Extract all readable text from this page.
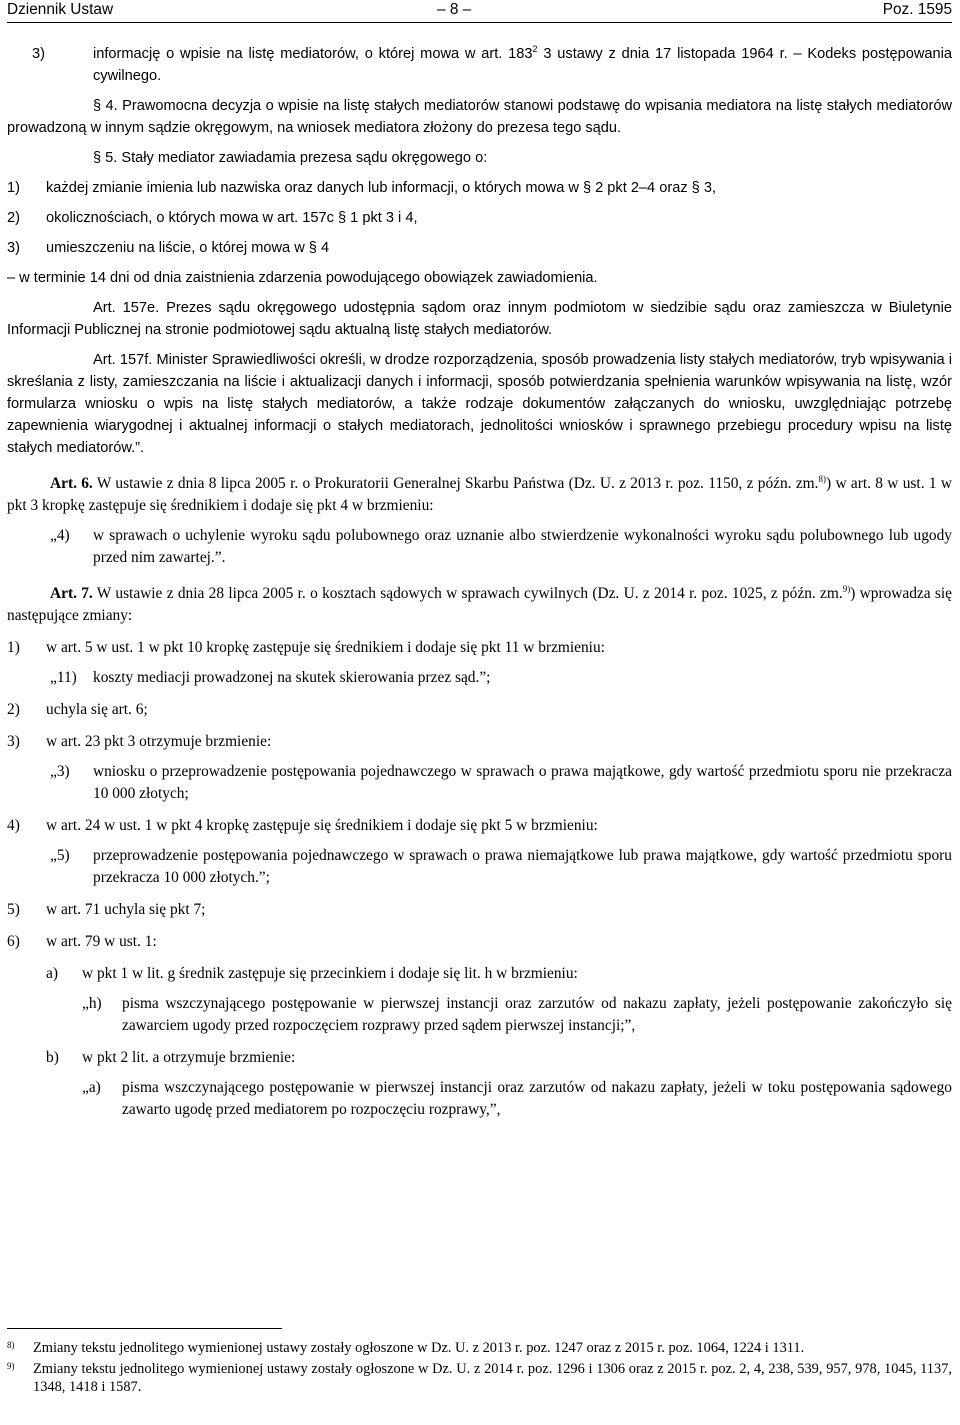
Dziennik Ustaw	– 8 –	Poz. 1595
3)	informację o wpisie na listę mediatorów, o której mowa w art. $183^2$ 3 ustawy z dnia 17 listopada 1964 r. – Kodeks postępowania cywilnego.

§ 4. Prawomocna decyzja o wpisie na listę stałych mediatorów stanowi podstawę do wpisania mediatora na listę stałych mediatorów prowadzoną w innym sądzie okręgowym, na wniosek mediatora złożony do prezesa tego sądu.

§ 5. Stały mediator zawiadamia prezesa sądu okręgowego o:

1)	każdej zmianie imienia lub nazwiska oraz danych lub informacji, o których mowa w § 2 pkt 2–4 oraz § 3,
2)	okolicznościach, o których mowa w art. 157c § 1 pkt 3 i 4,
3)	umieszczeniu na liście, o której mowa w § 4

– w terminie 14 dni od dnia zaistnienia zdarzenia powodującego obowiązek zawiadomienia.

Art. 157e. Prezes sądu okręgowego udostępnia sądom oraz innym podmiotom w siedzibie sądu oraz zamieszcza w Biuletynie Informacji Publicznej na stronie podmiotowej sądu aktualną listę stałych mediatorów.

Art. 157f. Minister Sprawiedliwości określi, w drodze rozporządzenia, sposób prowadzenia listy stałych mediatorów, tryb wpisywania i skreślania z listy, zamieszczania na liście i aktualizacji danych i informacji, sposób potwierdzania spełnienia warunków wpisywania na listę, wzór formularza wniosku o wpis na listę stałych mediatorów, a także rodzaje dokumentów załączanych do wniosku, uwzględniając potrzebę zapewnienia wiarygodnej i aktualnej informacji o stałych mediatorach, jednolitości wniosków i sprawnego przebiegu procedury wpisu na listę stałych mediatorów.”.

Art. 6. W ustawie z dnia 8 lipca 2005 r. o Prokuratorii Generalnej Skarbu Państwa (Dz. U. z 2013 r. poz. 1150, z późn. zm.$^{8)}$) w art. 8 w ust. 1 w pkt 3 kropkę zastępuje się średnikiem i dodaje się pkt 4 w brzmieniu:

„4)	w sprawach o uchylenie wyroku sądu polubownego oraz uznanie albo stwierdzenie wykonalności wyroku sądu polubownego lub ugody przed nim zawartej.”.

Art. 7. W ustawie z dnia 28 lipca 2005 r. o kosztach sądowych w sprawach cywilnych (Dz. U. z 2014 r. poz. 1025, z późn. zm.$^{9)}$) wprowadza się następujące zmiany:

1)	w art. 5 w ust. 1 w pkt 10 kropkę zastępuje się średnikiem i dodaje się pkt 11 w brzmieniu:
„11)	koszty mediacji prowadzonej na skutek skierowania przez sąd.”;
2)	uchyla się art. 6;
3)	w art. 23 pkt 3 otrzymuje brzmienie:
„3)	wniosku o przeprowadzenie postępowania pojednawczego w sprawach o prawa majątkowe, gdy wartość przedmiotu sporu nie przekracza 10 000 złotych;
4)	w art. 24 w ust. 1 w pkt 4 kropkę zastępuje się średnikiem i dodaje się pkt 5 w brzmieniu:
„5)	przeprowadzenie postępowania pojednawczego w sprawach o prawa niemajątkowe lub prawa majątkowe, gdy wartość przedmiotu sporu przekracza 10 000 złotych.”;
5)	w art. 71 uchyla się pkt 7;
6)	w art. 79 w ust. 1:
a)	w pkt 1 w lit. g średnik zastępuje się przecinkiem i dodaje się lit. h w brzmieniu:
„h)	pisma wszczynającego postępowanie w pierwszej instancji oraz zarzutów od nakazu zapłaty, jeżeli postępowanie zakończyło się zawarciem ugody przed rozpoczęciem rozprawy przed sądem pierwszej instancji;”,
b)	w pkt 2 lit. a otrzymuje brzmienie:
„a)	pisma wszczynającego postępowanie w pierwszej instancji oraz zarzutów od nakazu zapłaty, jeżeli w toku postępowania sądowego zawarto ugodę przed mediatorem po rozpoczęciu rozprawy,”,
8)	Zmiany tekstu jednolitego wymienionej ustawy zostały ogłoszone w Dz. U. z 2013 r. poz. 1247 oraz z 2015 r. poz. 1064, 1224 i 1311.
9)	Zmiany tekstu jednolitego wymienionej ustawy zostały ogłoszone w Dz. U. z 2014 r. poz. 1296 i 1306 oraz z 2015 r. poz. 2, 4, 238, 539, 957, 978, 1045, 1137, 1348, 1418 i 1587.
